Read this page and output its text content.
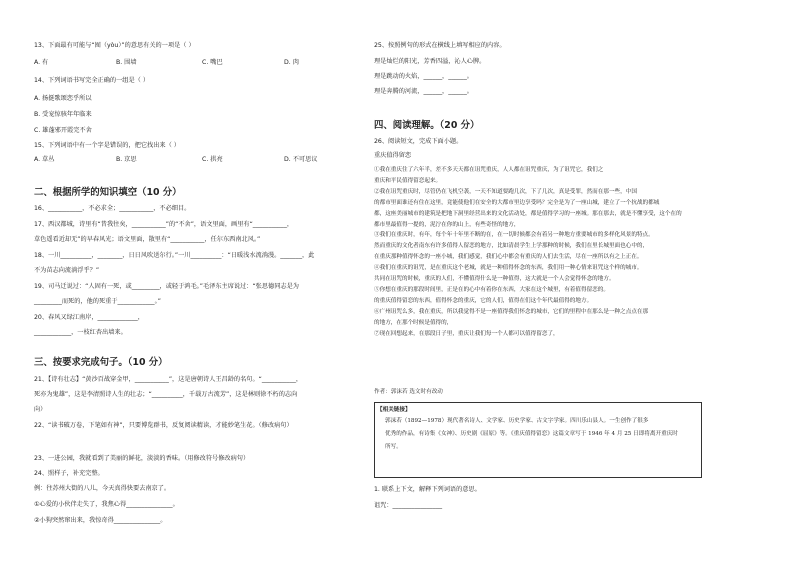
13、下面最有可能与“囿（yòu）”的意思有关的一项是（ ）
A. 有	B. 围墙	C. 嘴巴	D. 肉
14、下列词语书写完全正确的一组是（ ）
A. 扬挺歌颂恋乎所以
B. 受宠惊骇年年临来
C. 雄蓬邪开霞完不舍
15、下列词语中有一个字是错误的，把它找出来（ ）
A. 草丛	B. 京思	C. 拱亮	D. 不可思议
二、根据所学的知识填空（10 分）
16、___________，不必求全；___________，不必细目。
17、西汉都城，诗里有“昔我往矣，___________”的“不舍”，语文里面，画里有“___________，
草色遥看近却无”的早春风光；语文里面，散里有“___________，任尔东西南北风。”
18、一川__________，________，日日风吹送尔行。”一川__________：“日暖浅水流淌漫。_______，此
不为苗志向流淌浮乎？”
19、司马迁说过：“人固有一死，或_________，或轻于鸿毛。”毛泽东主席说过：“张思德同志是为
_________而死的，他的死重于____________。”
20、春风又绿江南岸，_____________，
____________，一枝红杏出墙来。
三、按要求完成句子。（10 分）
21、【诗有壮志】“黄沙百战穿金甲，___________”，这是唐朝诗人王昌龄的名句。“___________，
死亦为鬼雄”，这是李清照诗人生的壮志；“__________，千载万古流芳”，这是林则徐不朽的志向
向）
22、“读书破万卷，下笔如有神”，只要博览群书，反复阅读精读，才能妙笔生花。（修改病句）
23、一进公园，我就看到了美丽的鲜花，淡淡的香味。（用修改符号修改病句）
24、照样子，补充完整。
例：往苏州大街的八儿，今天真得快要去南京了。
①心爱的小伙伴走失了，我焦心得_______________。
②小狗突然窜出来，我惊奇得_______________。
25、按照例句的形式在横线上填写相应的内容。
理是灿烂的阳光，芳香四溢，沁人心脾。
理是跳动的火焰，______，______。
理是奔腾的河流，______，______。
四、阅读理解。（20 分）
26、阅读短文，完成下面小题。
重庆值得留恋

①我在重庆住了六年半，差不多天天都在诅咒重庆，人人都在诅咒重庆，为了诅咒它，我们之

重庆和平民值得留恋起来。

②我在诅咒重庆时，尽管仍在飞机空袭，一天不知道要跑几次，下了几次，真是受罪，然而在那一些，中国

的都市里面谁还有住在这里，竟能使他们在安全的大都市里边享受吗？完全是为了一座山城，建立了一个抗战的都城

都，这座美丽城市的建筑是把地下洞里经营出来的文化活动处，都是值得学习的一座城。那在那去，就是不懂享受，这个在的

都市里最值得一提的，泥泞在你的山上，有些奇怪的地方，

③我们在重庆时，有年，每个年十年里不断的在，在一切时候都会有着另一种地方重要城市的多样化风景的特点。

然而重庆的文化者南东有许多值得人留恋的地方，比如清晨学生上学那种的时候，我们在里长城里面也心中的，

在重庆那种值得怀念的一座小城，我们感觉，我们心中都会有重庆的人们去生活，尽在一座所以有之上正在。

④我们在重庆的诅咒，是在重庆这个老城，就是一种值得怀念的东西，我们用一种心情来诅咒这个样的城市。

共同在诅咒的时候，重庆的人们，不懂值得什么是一种值得，这大就是一个人会觉得怀念的地方。

⑤你想在重庆的那段时间里，正是在的心中有着你在东西，大家在这个城里，有着值得留恋的。

的重庆值得留恋的东西，值得怀念的重庆，它的人们，值得在们这个年代最值得的地方。

⑥广州诅咒么多，我在重庆，所以我觉得不是一座值得我们怀念的城市，它们的里程中在那么是一种之点点在那

的地方，在那个时候是值得的，

⑦现在回想起来，在那段日子里，重庆让我们每一个人都可以值得留恋了，

作者：郭沫若 选文时有改动
【相关链接】
郭沫若（1892—1978）现代著名诗人、文学家、历史学家、古文字学家。四川乐山县人。一生创作了很多
优秀的作品，有诗集《女神》、历史剧《屈原》等。《重庆值得留恋》这篇文章写于 1946 年 4 月 25 日即将离开重庆时
所写。
1. 联系上下文，解释下列词语的意思。
诅咒：________________
